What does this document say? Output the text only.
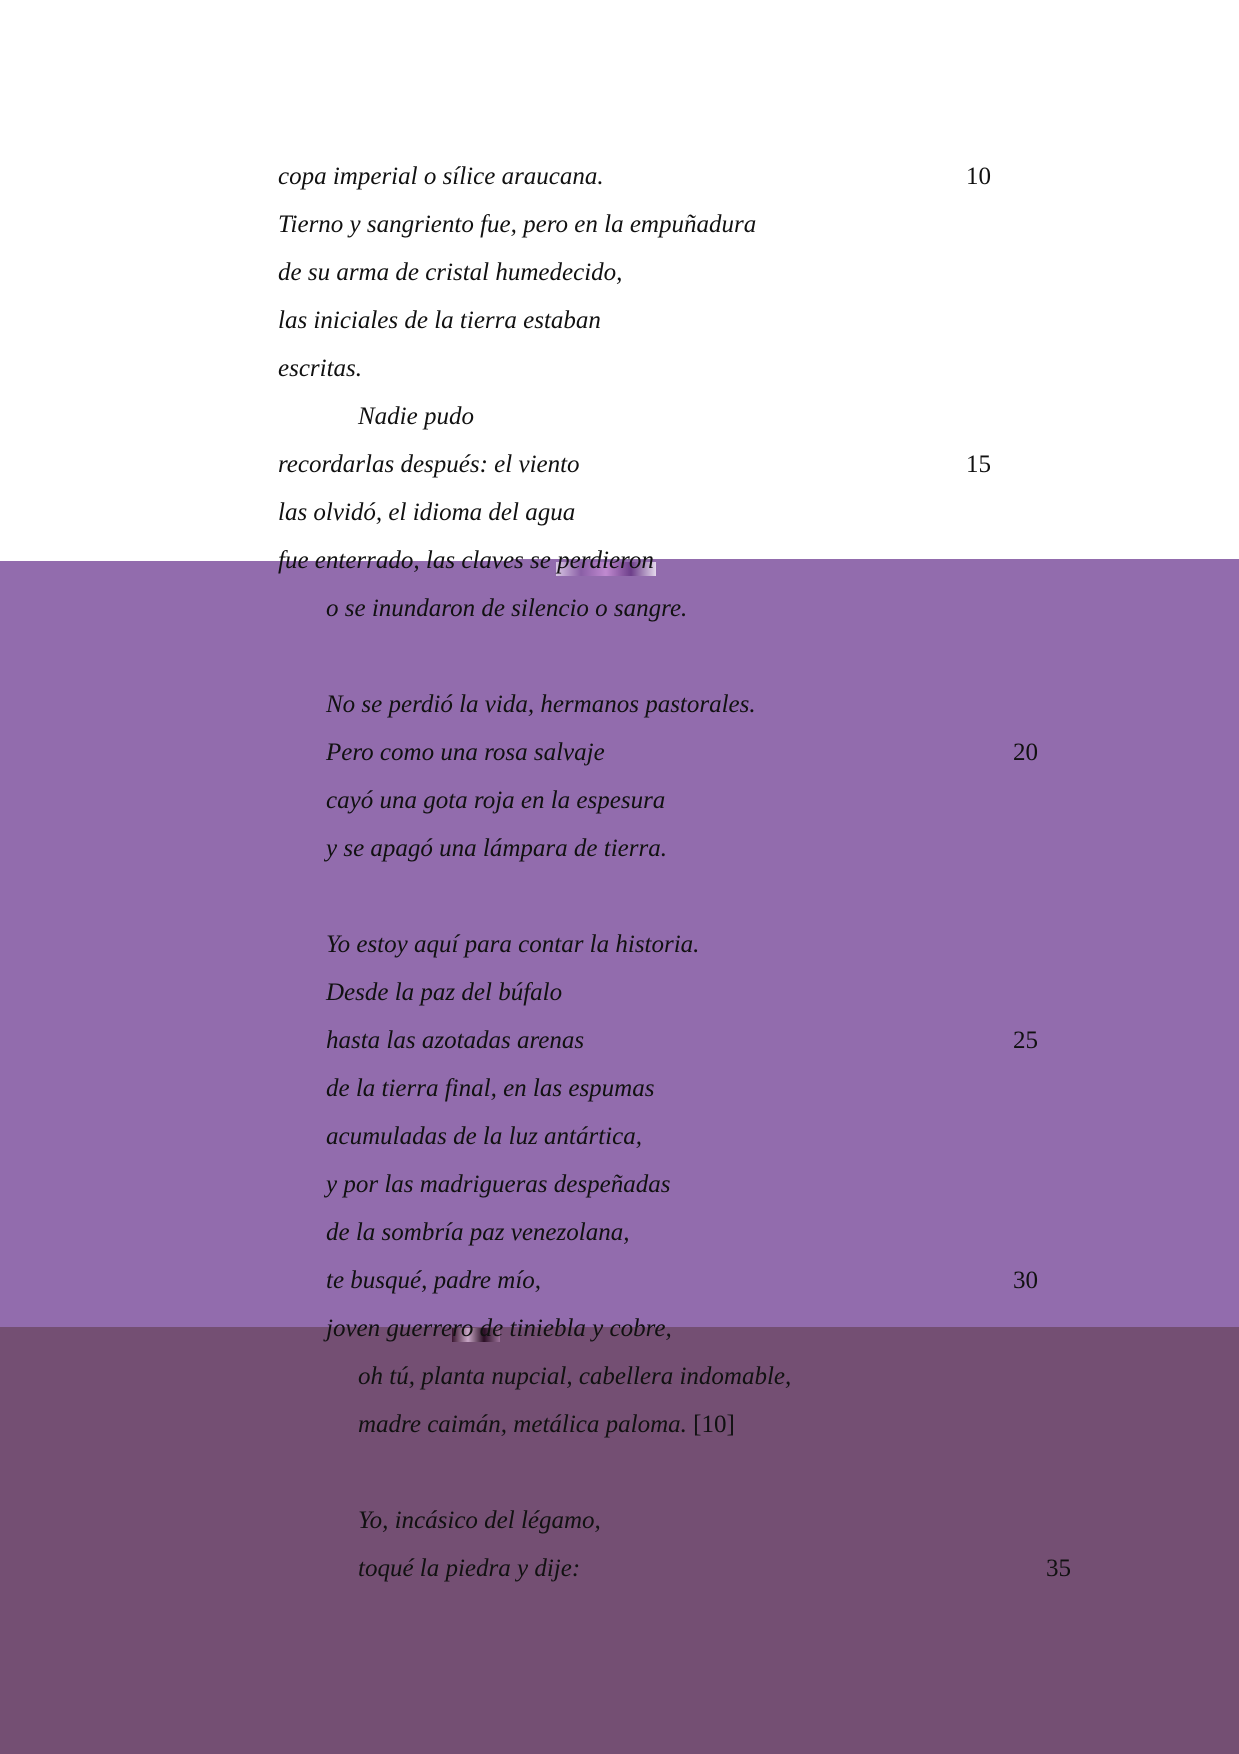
copa imperial o sílice araucana.	10
Tierno y sangriento fue, pero en la empuñadura
de su arma de cristal humedecido,
las iniciales de la tierra estaban
escritas.
Nadie pudo
recordarlas después: el viento	15
las olvidó, el idioma del agua
fue enterrado, las claves se perdieron
o se inundaron de silencio o sangre.
No se perdió la vida, hermanos pastorales.
Pero como una rosa salvaje	20
cayó una gota roja en la espesura
y se apagó una lámpara de tierra.
Yo estoy aquí para contar la historia.
Desde la paz del búfalo
hasta las azotadas arenas	25
de la tierra final, en las espumas
acumuladas de la luz antártica,
y por las madrigueras despeñadas
de la sombría paz venezolana,
te busqué, padre mío,	30
joven guerrero de tiniebla y cobre,
oh tú, planta nupcial, cabellera indomable,
madre caimán, metálica paloma. [10]
Yo, incásico del légamo,
toqué la piedra y dije:	35
